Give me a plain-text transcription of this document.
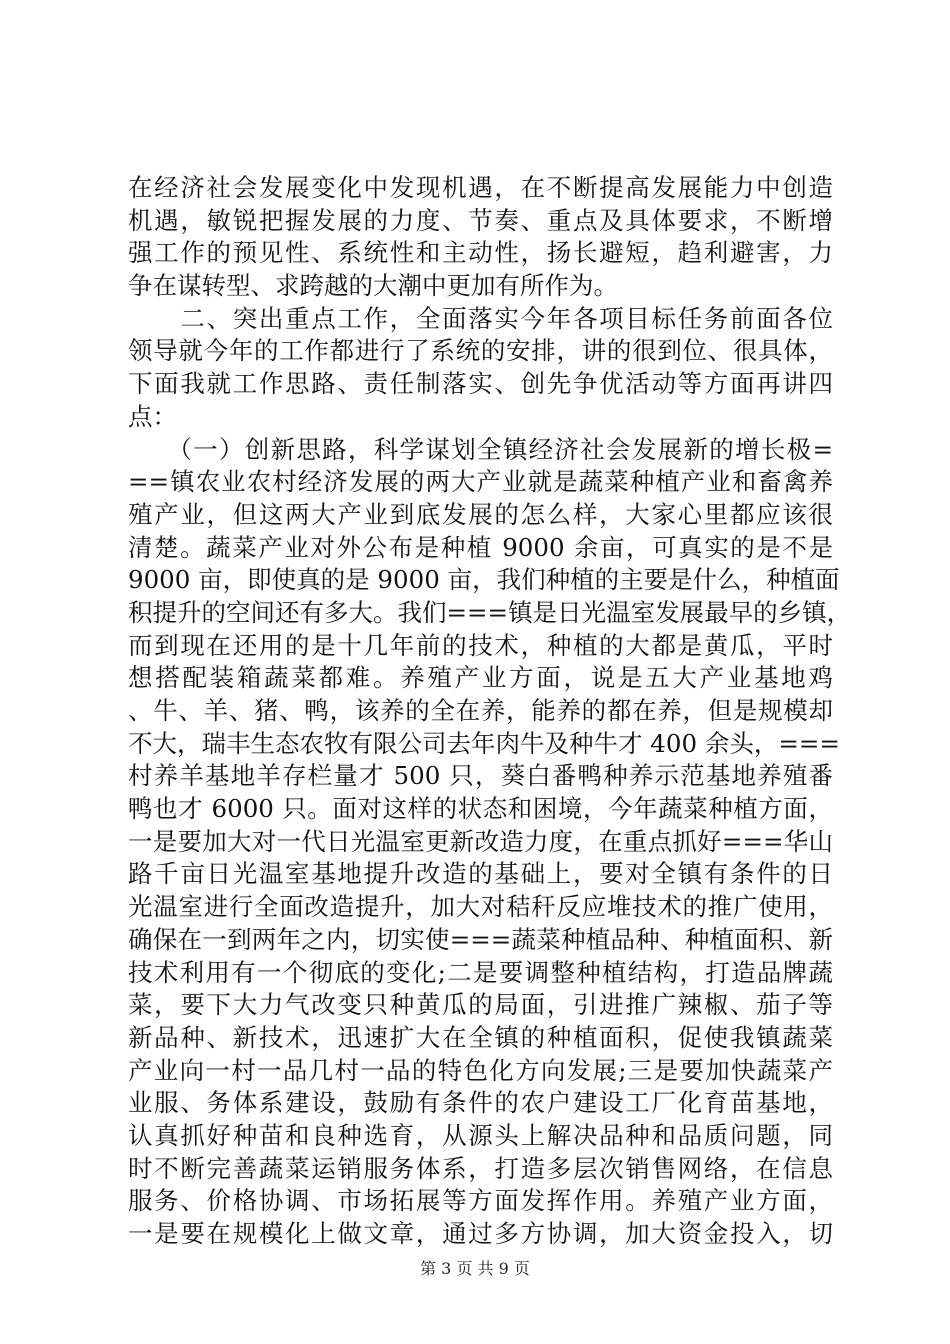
在经济社会发展变化中发现机遇，在不断提高发展能力中创造
机遇，敏锐把握发展的力度、节奏、重点及具体要求，不断增
强工作的预见性、系统性和主动性，扬长避短，趋利避害，力
争在谋转型、求跨越的大潮中更加有所作为。
　　二、突出重点工作，全面落实今年各项目标任务前面各位
领导就今年的工作都进行了系统的安排，讲的很到位、很具体，
下面我就工作思路、责任制落实、创先争优活动等方面再讲四
点：
　　（一）创新思路，科学谋划全镇经济社会发展新的增长极=
==镇农业农村经济发展的两大产业就是蔬菜种植产业和畜禽养
殖产业，但这两大产业到底发展的怎么样，大家心里都应该很
清楚。蔬菜产业对外公布是种植 9000 余亩，可真实的是不是
9000 亩，即使真的是 9000 亩，我们种植的主要是什么，种植面
积提升的空间还有多大。我们===镇是日光温室发展最早的乡镇，
而到现在还用的是十几年前的技术，种植的大都是黄瓜，平时
想搭配装箱蔬菜都难。养殖产业方面，说是五大产业基地鸡
、牛、羊、猪、鸭，该养的全在养，能养的都在养，但是规模却
不大，瑞丰生态农牧有限公司去年肉牛及种牛才 400 余头，===
村养羊基地羊存栏量才 500 只，葵白番鸭种养示范基地养殖番
鸭也才 6000 只。面对这样的状态和困境，今年蔬菜种植方面，
一是要加大对一代日光温室更新改造力度，在重点抓好===华山
路千亩日光温室基地提升改造的基础上，要对全镇有条件的日
光温室进行全面改造提升，加大对秸秆反应堆技术的推广使用，
确保在一到两年之内，切实使===蔬菜种植品种、种植面积、新
技术利用有一个彻底的变化;二是要调整种植结构，打造品牌蔬
菜，要下大力气改变只种黄瓜的局面，引进推广辣椒、茄子等
新品种、新技术，迅速扩大在全镇的种植面积，促使我镇蔬菜
产业向一村一品几村一品的特色化方向发展;三是要加快蔬菜产
业服、务体系建设，鼓励有条件的农户建设工厂化育苗基地，
认真抓好种苗和良种选育，从源头上解决品种和品质问题，同
时不断完善蔬菜运销服务体系，打造多层次销售网络，在信息
服务、价格协调、市场拓展等方面发挥作用。养殖产业方面，
一是要在规模化上做文章，通过多方协调，加大资金投入，切
第 3 页 共 9 页
